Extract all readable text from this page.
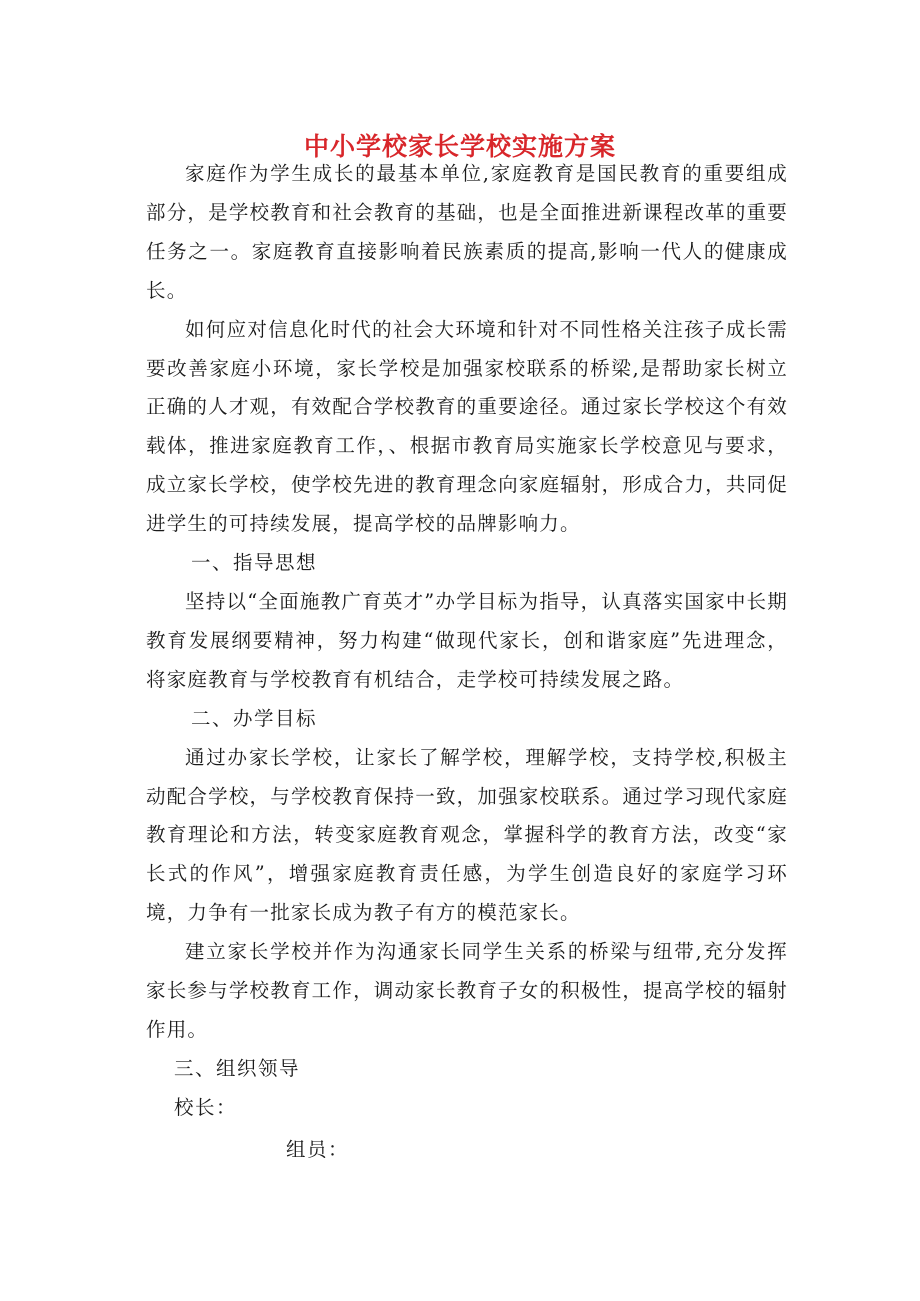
中小学校家长学校实施方案

家庭作为学生成长的最基本单位,家庭教育是国民教育的重要组成部分，是学校教育和社会教育的基础，也是全面推进新课程改革的重要任务之一。家庭教育直接影响着民族素质的提高,影响一代人的健康成长。

如何应对信息化时代的社会大环境和针对不同性格关注孩子成长需要改善家庭小环境，家长学校是加强家校联系的桥梁,是帮助家长树立正确的人才观，有效配合学校教育的重要途径。通过家长学校这个有效载体，推进家庭教育工作，、根据市教育局实施家长学校意见与要求，成立家长学校，使学校先进的教育理念向家庭辐射，形成合力，共同促进学生的可持续发展，提高学校的品牌影响力。

一、指导思想

坚持以“全面施教广育英才”办学目标为指导，认真落实国家中长期教育发展纲要精神，努力构建“做现代家长，创和谐家庭”先进理念，将家庭教育与学校教育有机结合，走学校可持续发展之路。

二、办学目标

通过办家长学校，让家长了解学校，理解学校，支持学校,积极主动配合学校，与学校教育保持一致，加强家校联系。通过学习现代家庭教育理论和方法，转变家庭教育观念，掌握科学的教育方法，改变“家长式的作风”，增强家庭教育责任感，为学生创造良好的家庭学习环境，力争有一批家长成为教子有方的模范家长。

建立家长学校并作为沟通家长同学生关系的桥梁与纽带,充分发挥家长参与学校教育工作，调动家长教育子女的积极性，提高学校的辐射作用。

三、组织领导

校长：

组员：
